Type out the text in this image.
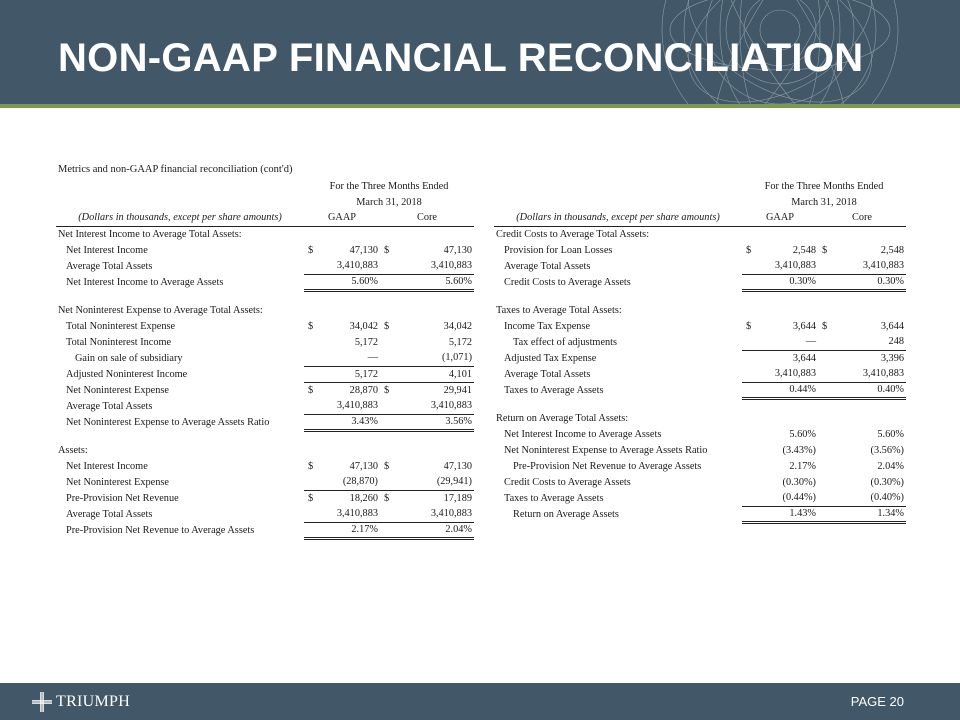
NON-GAAP FINANCIAL RECONCILIATION
Metrics and non-GAAP financial reconciliation (cont'd)
	For the Three Months Ended			
	March 31, 2018			
(Dollars in thousands, except per share amounts)	GAAP		Core	
Net Interest Income to Average Total Assets:				
Net Interest Income	$	47,130	$	47,130
Average Total Assets		3,410,883		3,410,883
Net Interest Income to Average Assets		5.60%		5.60%

Net Noninterest Expense to Average Total Assets:				
Total Noninterest Expense	$	34,042	$	34,042
Total Noninterest Income		5,172		5,172
Gain on sale of subsidiary		—		(1,071)
Adjusted Noninterest Income		5,172		4,101
Net Noninterest Expense	$	28,870	$	29,941
Average Total Assets		3,410,883		3,410,883
Net Noninterest Expense to Average Assets Ratio		3.43%		3.56%

Assets:				
Net Interest Income	$	47,130	$	47,130
Net Noninterest Expense		(28,870)		(29,941)
Pre-Provision Net Revenue	$	18,260	$	17,189
Average Total Assets		3,410,883		3,410,883
Pre-Provision Net Revenue to Average Assets		2.17%		2.04%
	For the Three Months Ended			
	March 31, 2018			
(Dollars in thousands, except per share amounts)	GAAP		Core	
Credit Costs to Average Total Assets:				
Provision for Loan Losses	$	2,548	$	2,548
Average Total Assets		3,410,883		3,410,883
Credit Costs to Average Assets		0.30%		0.30%

Taxes to Average Total Assets:				
Income Tax Expense	$	3,644	$	3,644
Tax effect of adjustments		—		248
Adjusted Tax Expense		3,644		3,396
Average Total Assets		3,410,883		3,410,883
Taxes to Average Assets		0.44%		0.40%

Return on Average Total Assets:				
Net Interest Income to Average Assets		5.60%		5.60%
Net Noninterest Expense to Average Assets Ratio		(3.43%)		(3.56%)
Pre-Provision Net Revenue to Average Assets		2.17%		2.04%
Credit Costs to Average Assets		(0.30%)		(0.30%)
Taxes to Average Assets		(0.44%)		(0.40%)
Return on Average Assets		1.43%		1.34%
TRIUMPH	PAGE 20
